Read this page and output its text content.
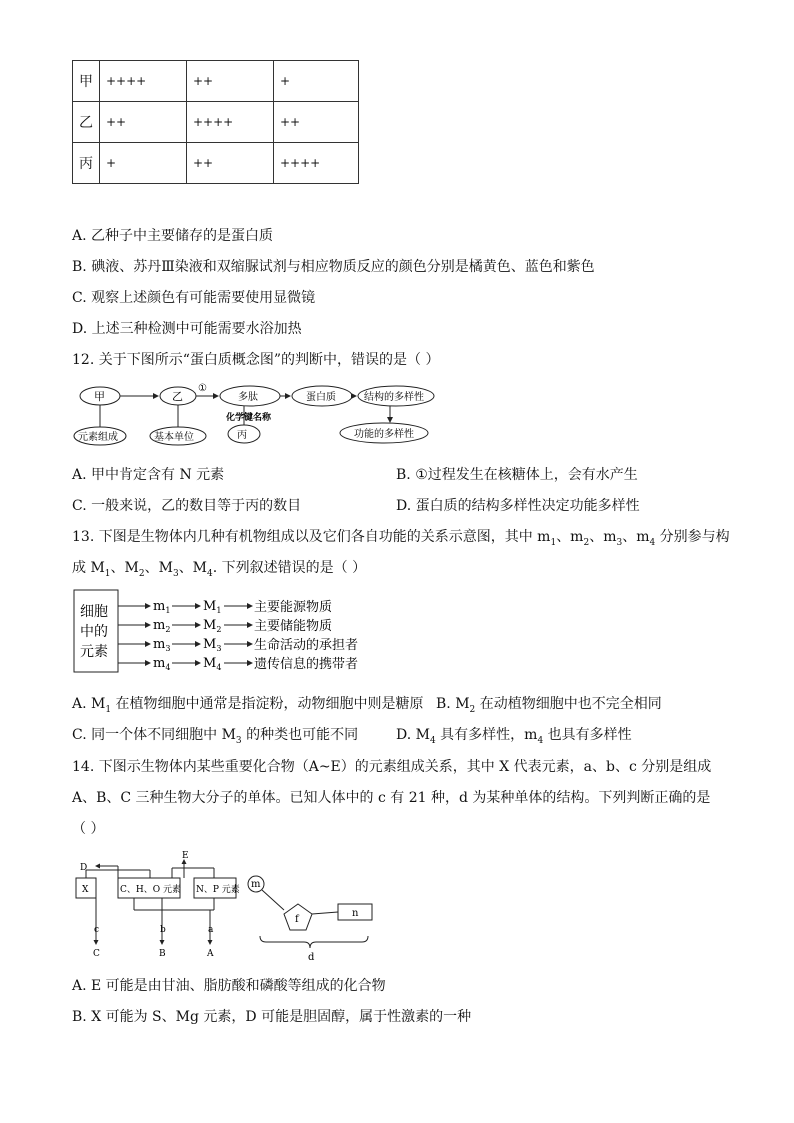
甲	++++	++	+
乙	++	++++	++
丙	+	++	++++
A. 乙种子中主要储存的是蛋白质
B. 碘液、苏丹Ⅲ染液和双缩脲试剂与相应物质反应的颜色分别是橘黄色、蓝色和紫色
C. 观察上述颜色有可能需要使用显微镜
D. 上述三种检测中可能需要水浴加热
12. 关于下图所示“蛋白质概念图”的判断中，错误的是（ ）
甲	乙
①
多肽	蛋白质	结构的多样性
元素组成	基本单位	丙
化学键名称
功能的多样性
A. 甲中肯定含有 N 元素	B. ①过程发生在核糖体上，会有水产生
C. 一般来说，乙的数目等于丙的数目	D. 蛋白质的结构多样性决定功能多样性
13. 下图是生物体内几种有机物组成以及它们各自功能的关系示意图，其中 $m_1$、$m_2$、$m_3$、$m_4$ 分别参与构
成 $M_1$、$M_2$、$M_3$、$M_4$. 下列叙述错误的是（ ）
细胞
中的
元素
$m_1$
$m_2$
$m_3$
$m_4$
$M_1$
$M_2$
$M_3$
$M_4$
主要能源物质
主要储能物质
生命活动的承担者
遗传信息的携带者
A. $M_1$ 在植物细胞中通常是指淀粉，动物细胞中则是糖原 B. $M_2$ 在动植物细胞中也不完全相同
C. 同一个体不同细胞中 $M_3$ 的种类也可能不同	D. $M_4$ 具有多样性，$m_4$ 也具有多样性
14. 下图示生物体内某些重要化合物（A~E）的元素组成关系，其中 X 代表元素，a、b、c 分别是组成
A、B、C 三种生物大分子的单体。已知人体中的 c 有 21 种，d 为某种单体的结构。下列判断正确的是
（ ）
D
E
X	C、H、O 元素 N、P 元素
c
C
b
B
a
A
m
f
n
d
A. E 可能是由甘油、脂肪酸和磷酸等组成的化合物
B. X 可能为 S、Mg 元素，D 可能是胆固醇，属于性激素的一种
